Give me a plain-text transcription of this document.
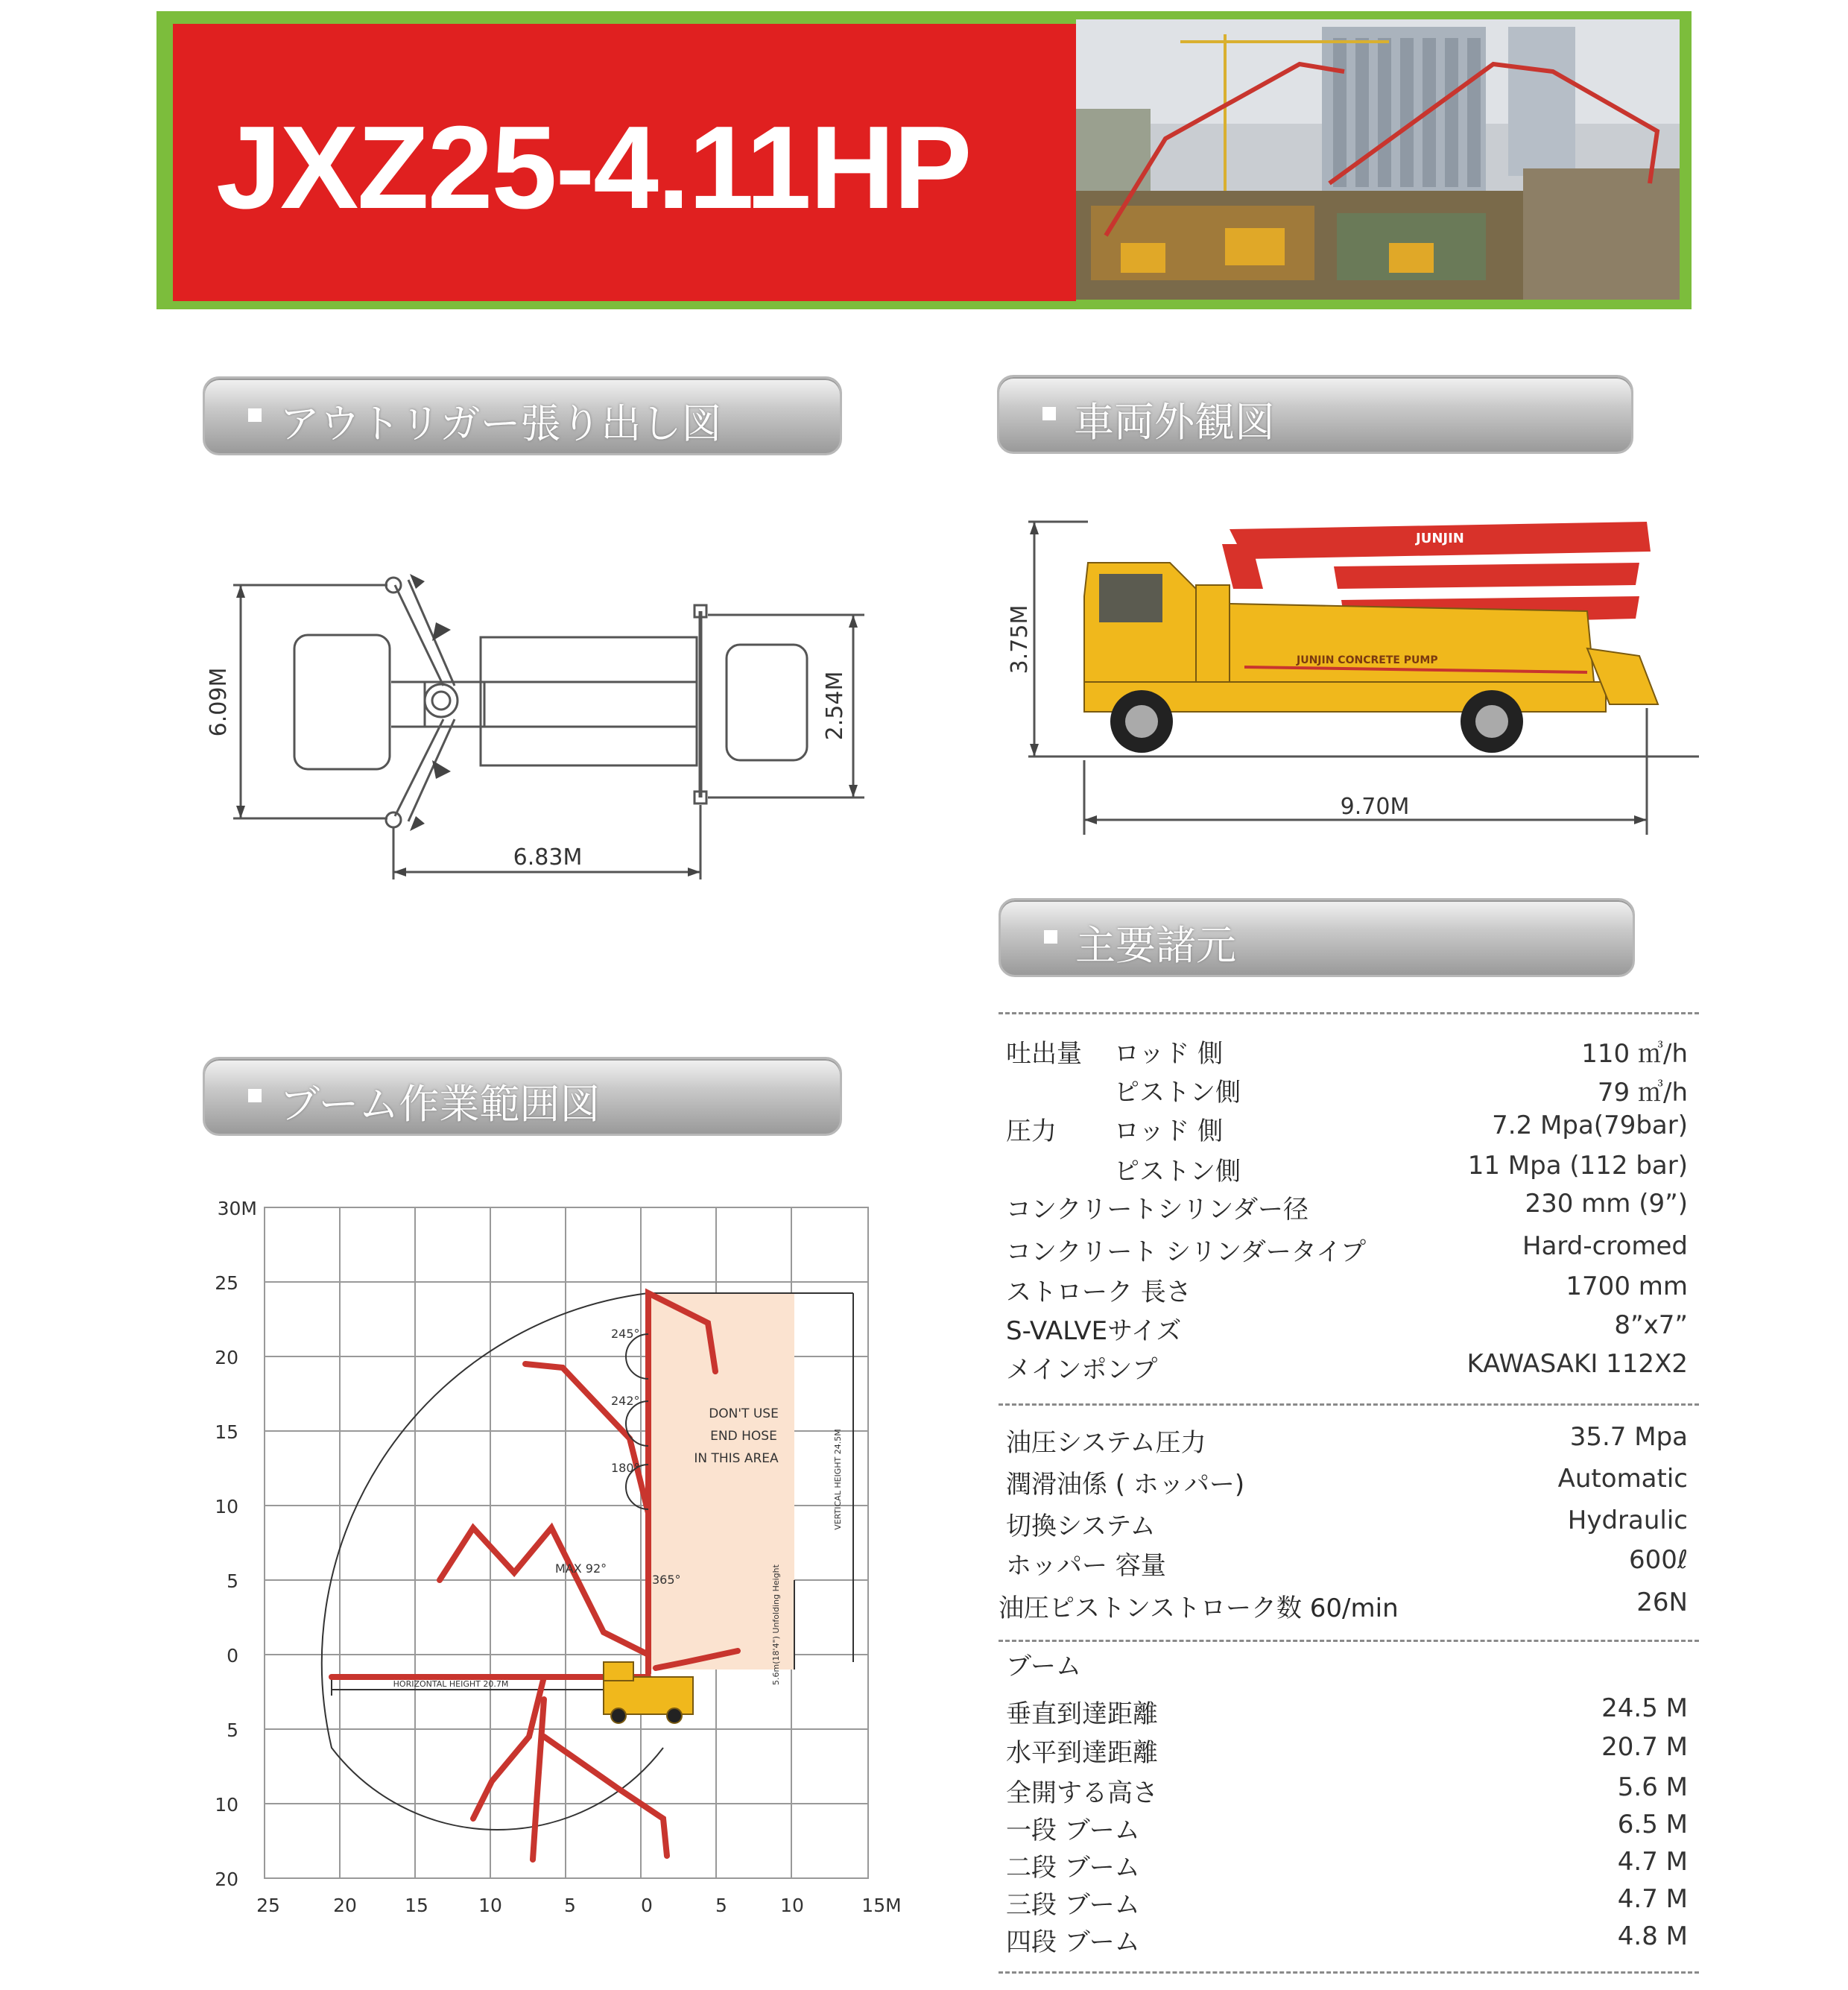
JXZ25-4.11HP
アウトリガー張り出し図	車両外観図
主要諸元
ブーム作業範囲図
6.09M	2.54M
6.83M
JUNJIN
JUNJIN CONCRETE PUMP
3.75M
9.70M
30M
25
20
15
10
5
0
5
10
20
25	20	15	10	5	0	5	10	15M
245°
242°
180°
MAX 92°
365°
DON'T USE
END HOSE
IN THIS AREA	VERTICAL HEIGHT 24.5M
HORIZONTAL HEIGHT 20.7M	5.6m(18'4") Unfolding Height
吐出量 ロッド 側	110 ㎥/h
ピストン側	79 ㎥/h
圧力 ロッド 側	7.2 Mpa(79bar)
ピストン側	11 Mpa (112 bar)
コンクリートシリンダー径	230 mm (9”)
コンクリート シリンダータイプ	Hard-cromed
ストローク 長さ	1700 mm
S-VALVEサイズ	8”x7”
メインポンプ	KAWASAKI 112X2
油圧システム圧力	35.7 Mpa
潤滑油係 ( ホッパー)	Automatic
切換システム	Hydraulic
ホッパー 容量	600ℓ
油圧ピストンストローク数 60/min	26N
ブーム
垂直到達距離	24.5 M
水平到達距離	20.7 M
全開する高さ	5.6 M
一段 ブーム	6.5 M
二段 ブーム	4.7 M
三段 ブーム	4.7 M
四段 ブーム	4.8 M
